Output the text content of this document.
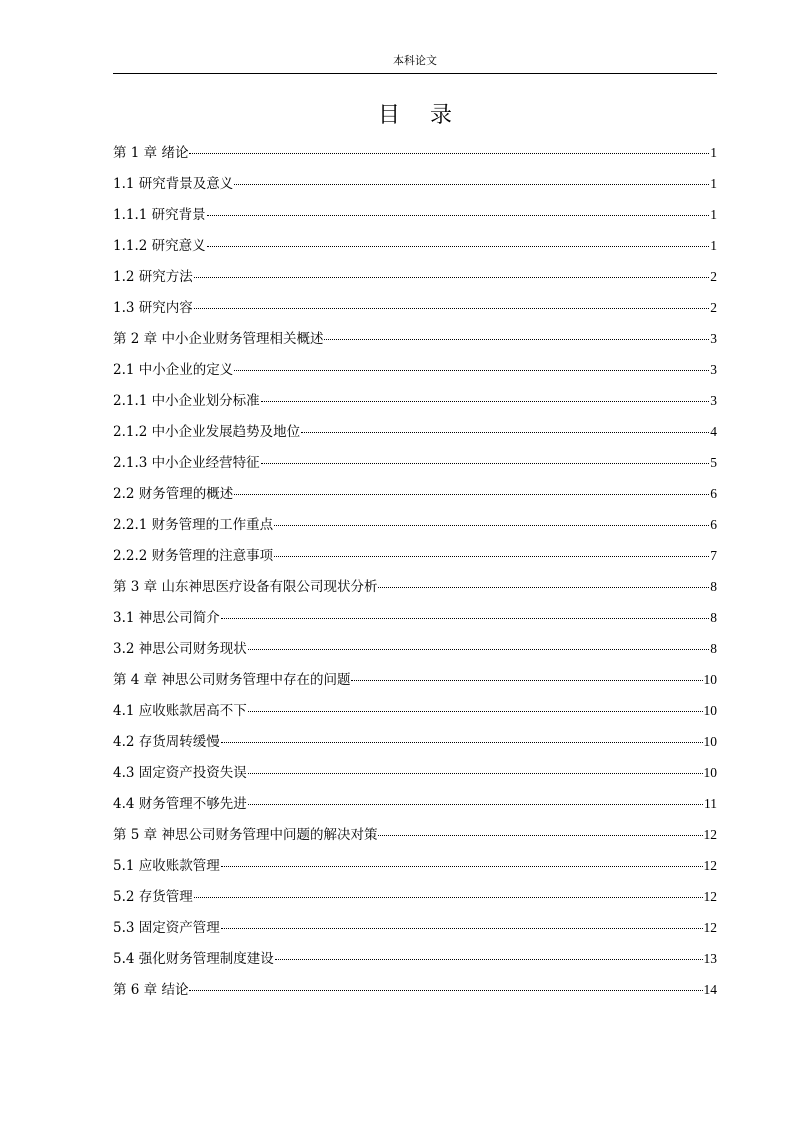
本科论文
目录
第 1 章 绪论	1
1.1 研究背景及意义	1
1.1.1 研究背景	1
1.1.2 研究意义	1
1.2 研究方法	2
1.3 研究内容	2
第 2 章 中小企业财务管理相关概述	3
2.1 中小企业的定义	3
2.1.1 中小企业划分标准	3
2.1.2 中小企业发展趋势及地位	4
2.1.3 中小企业经营特征	5
2.2 财务管理的概述	6
2.2.1 财务管理的工作重点	6
2.2.2 财务管理的注意事项	7
第 3 章 山东神思医疗设备有限公司现状分析	8
3.1 神思公司简介	8
3.2 神思公司财务现状	8
第 4 章 神思公司财务管理中存在的问题	10
4.1 应收账款居高不下	10
4.2 存货周转缓慢	10
4.3 固定资产投资失误	10
4.4 财务管理不够先进	11
第 5 章 神思公司财务管理中问题的解决对策	12
5.1 应收账款管理	12
5.2 存货管理	12
5.3 固定资产管理	12
5.4 强化财务管理制度建设	13
第 6 章 结论	14
